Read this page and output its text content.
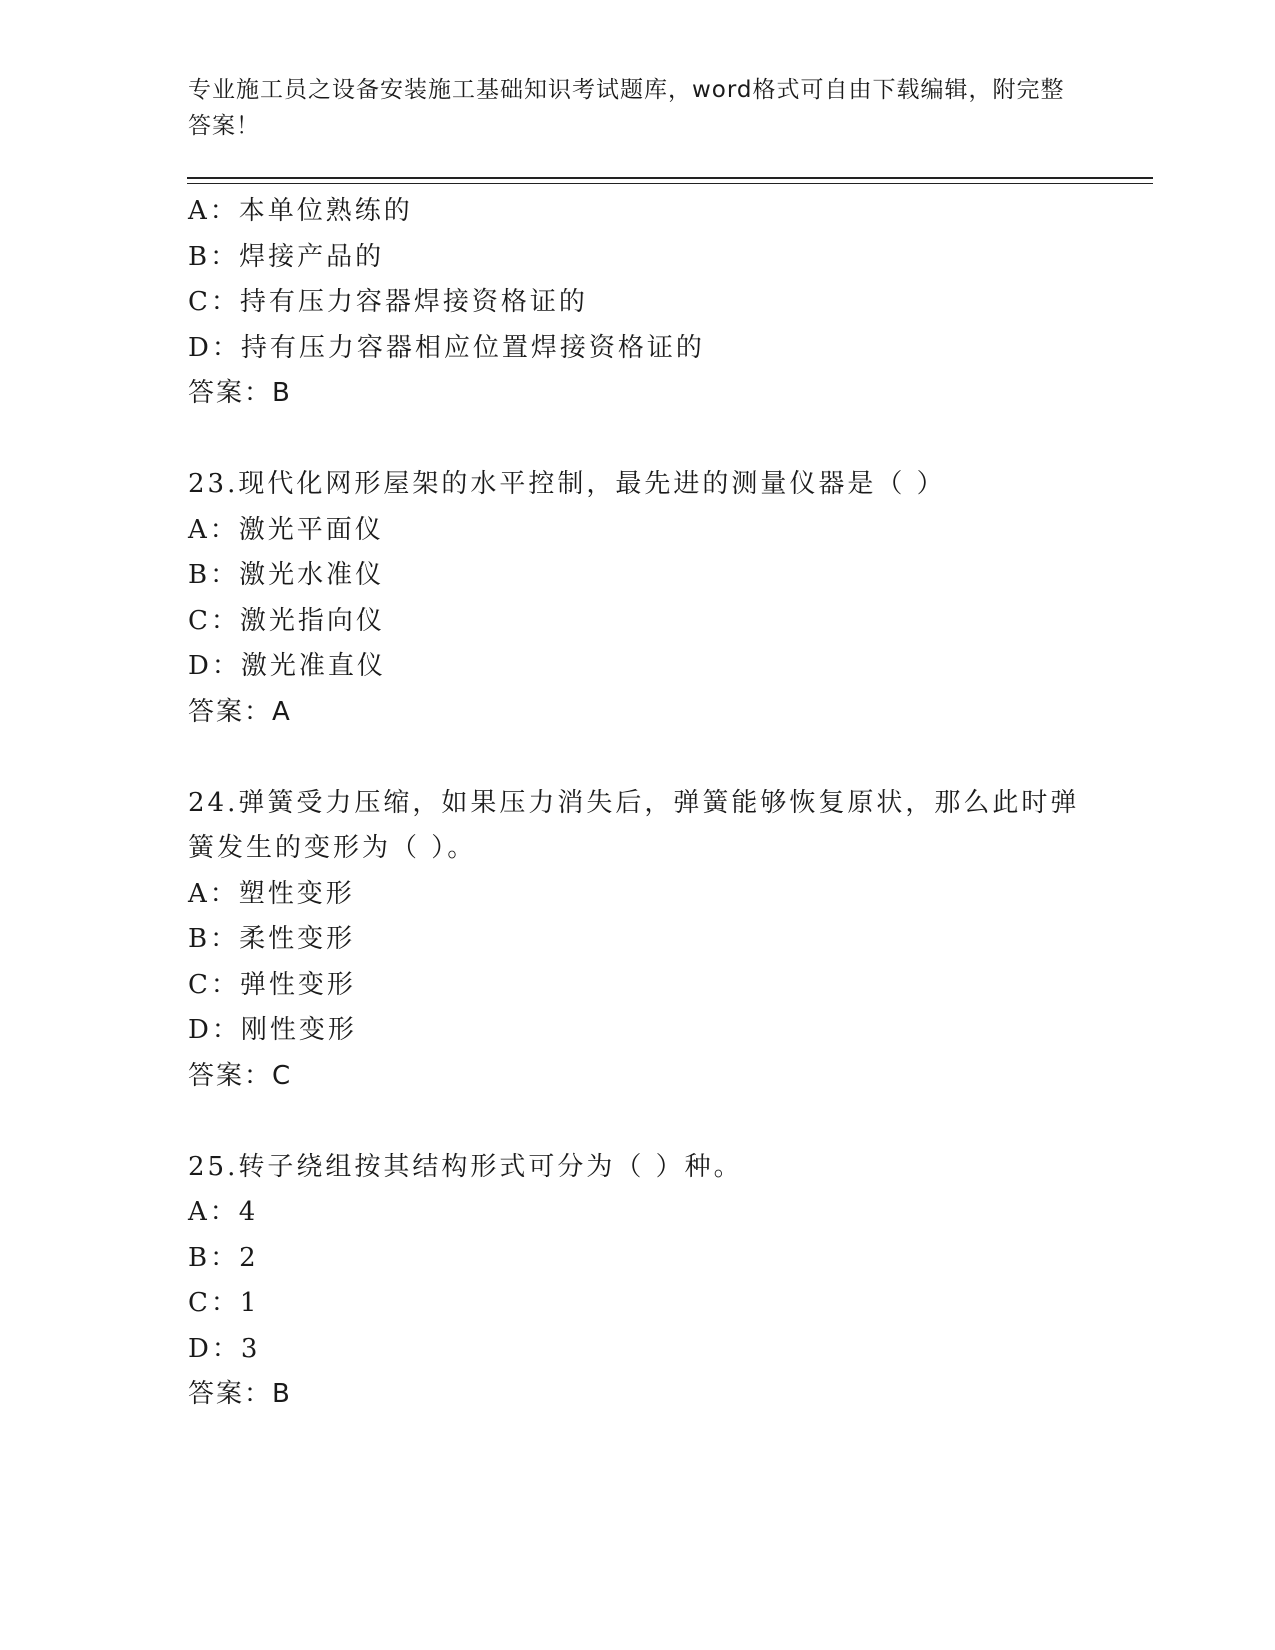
专业施工员之设备安装施工基础知识考试题库，word格式可自由下载编辑，附完整答案！
A：本单位熟练的
B：焊接产品的
C：持有压力容器焊接资格证的
D：持有压力容器相应位置焊接资格证的
答案：B
23.现代化网形屋架的水平控制，最先进的测量仪器是（ ）
A：激光平面仪
B：激光水准仪
C：激光指向仪
D：激光准直仪
答案：A
24.弹簧受力压缩，如果压力消失后，弹簧能够恢复原状，那么此时弹
簧发生的变形为（ ）。
A：塑性变形
B：柔性变形
C：弹性变形
D：刚性变形
答案：C
25.转子绕组按其结构形式可分为（ ）种。
A：4
B：2
C：1
D：3
答案：B
